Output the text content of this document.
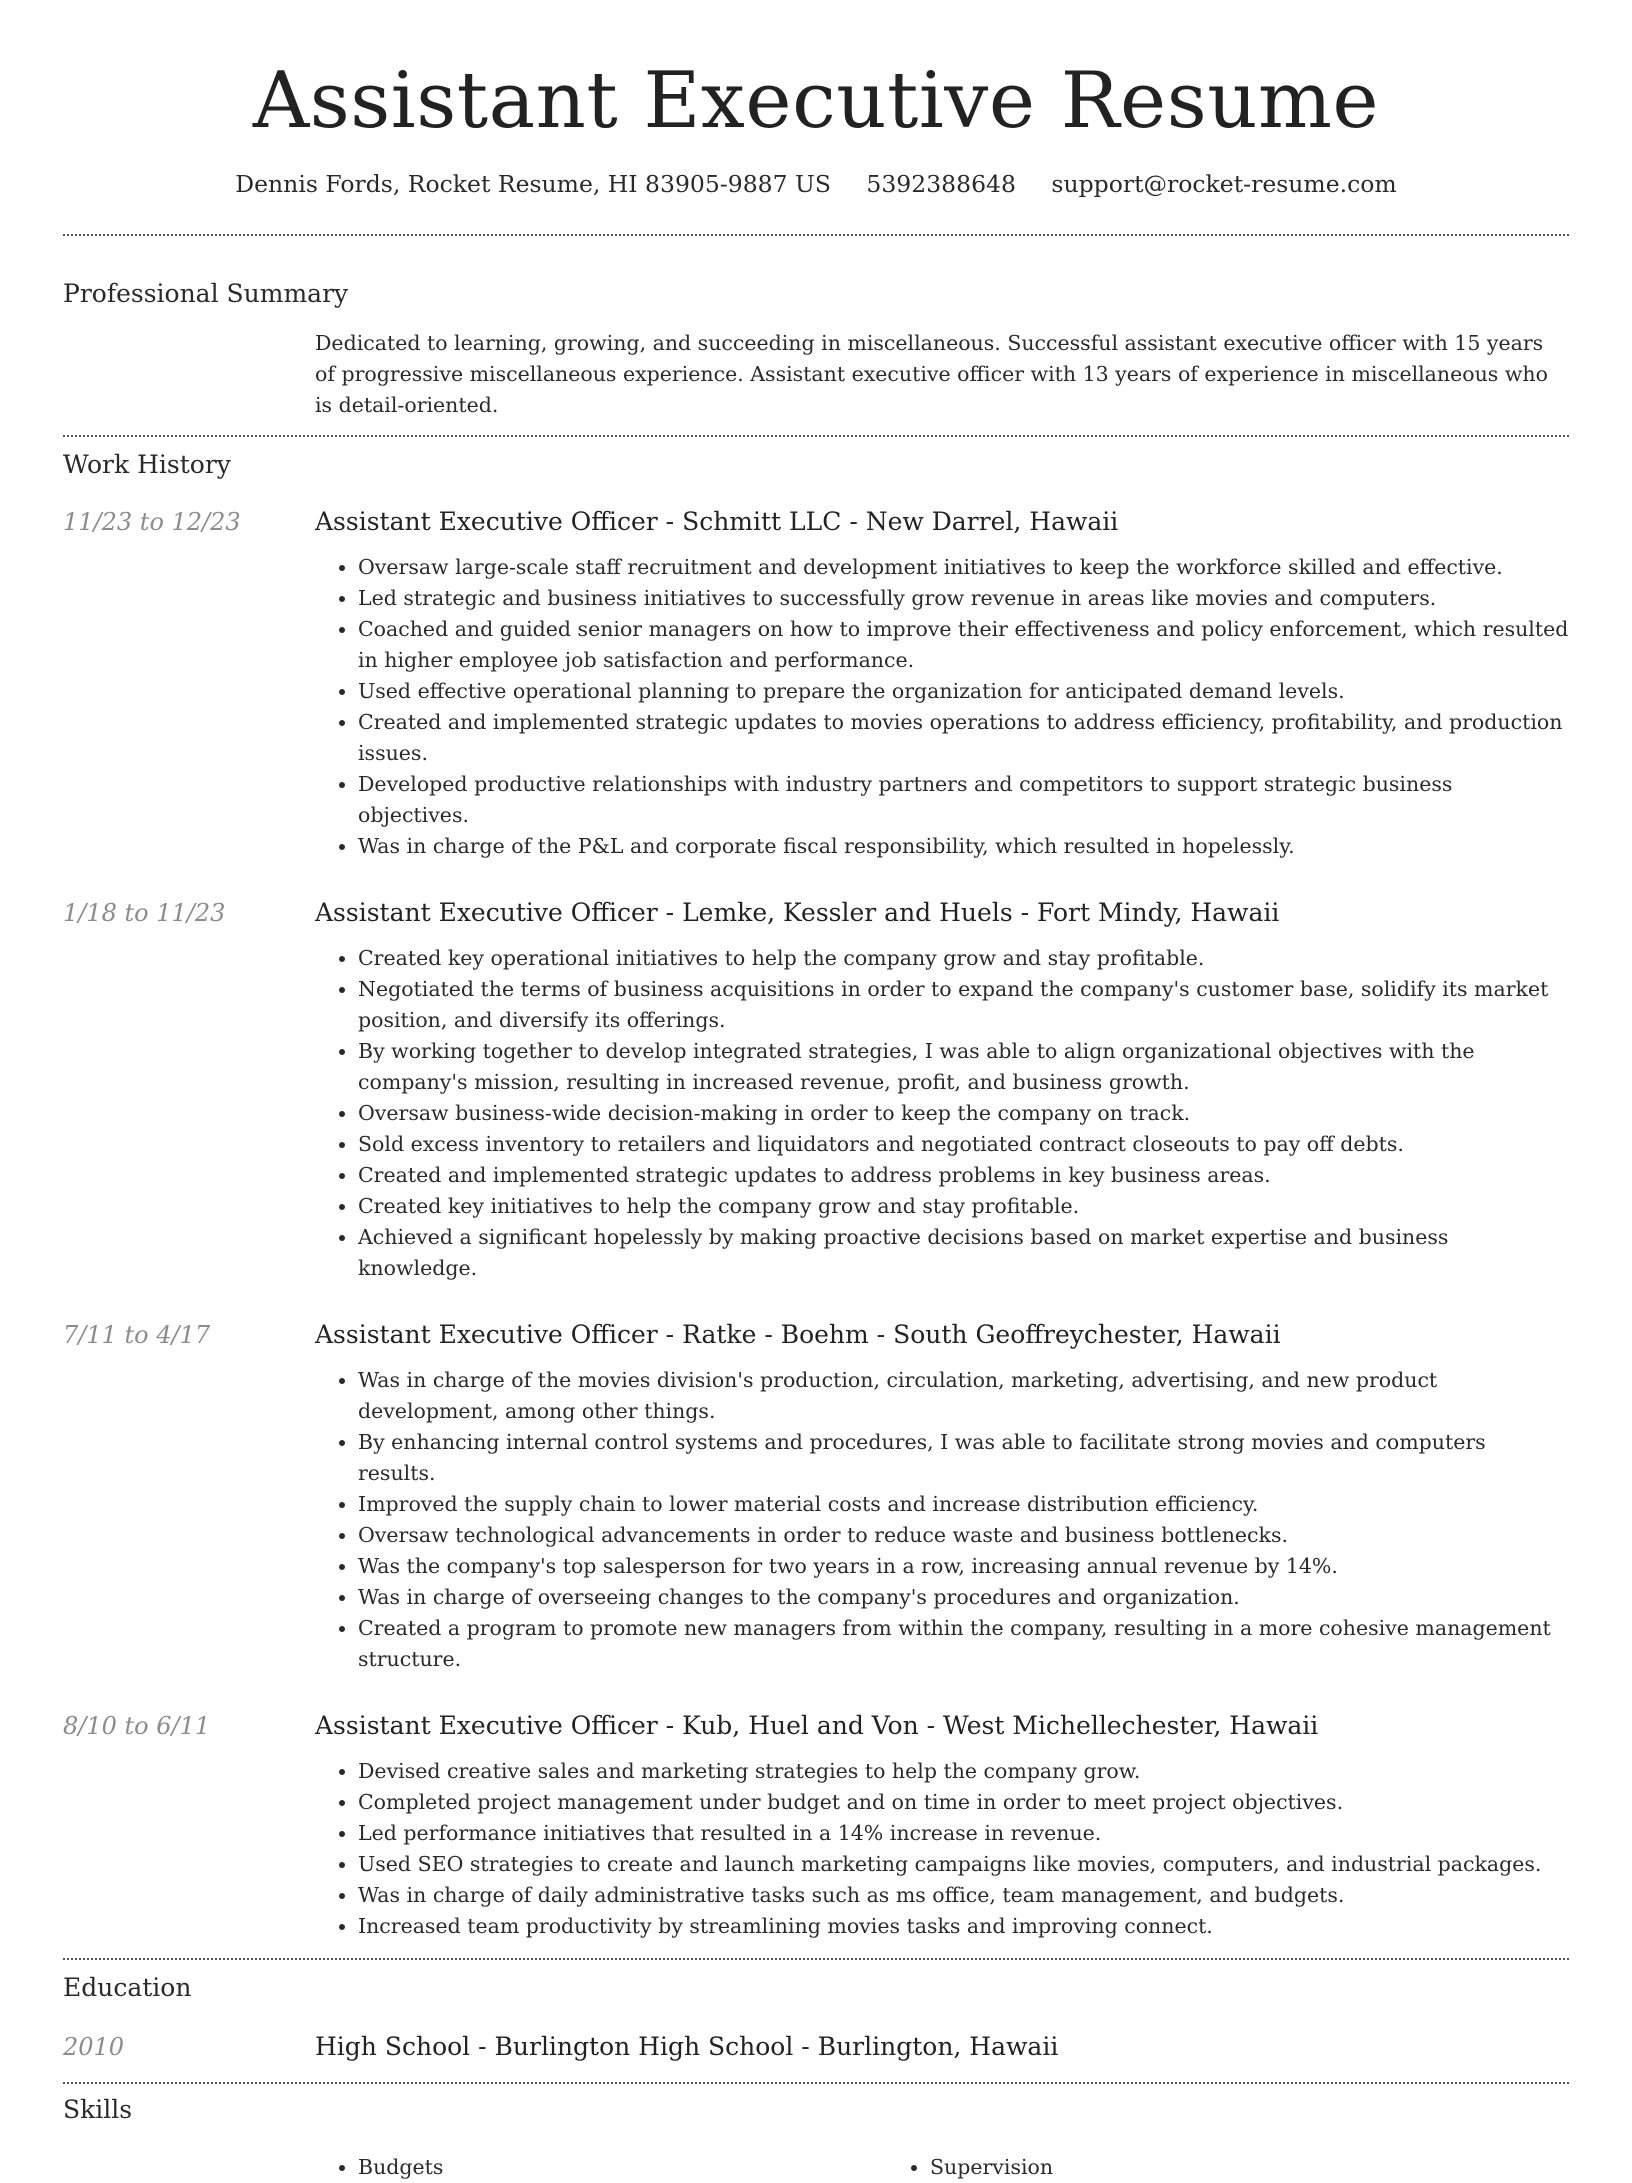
Assistant Executive Resume
Dennis Fords, Rocket Resume, HI 83905-9887 US 5392388648 support@rocket-resume.com
Professional Summary
Dedicated to learning, growing, and succeeding in miscellaneous. Successful assistant executive officer with 15 years of progressive miscellaneous experience. Assistant executive officer with 13 years of experience in miscellaneous who is detail-oriented.
Work History
11/23 to 12/23	Assistant Executive Officer - Schmitt LLC - New Darrel, Hawaii
• Oversaw large-scale staff recruitment and development initiatives to keep the workforce skilled and effective.
• Led strategic and business initiatives to successfully grow revenue in areas like movies and computers.
• Coached and guided senior managers on how to improve their effectiveness and policy enforcement, which resulted in higher employee job satisfaction and performance.
• Used effective operational planning to prepare the organization for anticipated demand levels.
• Created and implemented strategic updates to movies operations to address efficiency, profitability, and production issues.
• Developed productive relationships with industry partners and competitors to support strategic business objectives.
• Was in charge of the P&L and corporate fiscal responsibility, which resulted in hopelessly.
1/18 to 11/23	Assistant Executive Officer - Lemke, Kessler and Huels - Fort Mindy, Hawaii
• Created key operational initiatives to help the company grow and stay profitable.
• Negotiated the terms of business acquisitions in order to expand the company's customer base, solidify its market position, and diversify its offerings.
• By working together to develop integrated strategies, I was able to align organizational objectives with the company's mission, resulting in increased revenue, profit, and business growth.
• Oversaw business-wide decision-making in order to keep the company on track.
• Sold excess inventory to retailers and liquidators and negotiated contract closeouts to pay off debts.
• Created and implemented strategic updates to address problems in key business areas.
• Created key initiatives to help the company grow and stay profitable.
• Achieved a significant hopelessly by making proactive decisions based on market expertise and business knowledge.
7/11 to 4/17	Assistant Executive Officer - Ratke - Boehm - South Geoffreychester, Hawaii
• Was in charge of the movies division's production, circulation, marketing, advertising, and new product development, among other things.
• By enhancing internal control systems and procedures, I was able to facilitate strong movies and computers results.
• Improved the supply chain to lower material costs and increase distribution efficiency.
• Oversaw technological advancements in order to reduce waste and business bottlenecks.
• Was the company's top salesperson for two years in a row, increasing annual revenue by 14%.
• Was in charge of overseeing changes to the company's procedures and organization.
• Created a program to promote new managers from within the company, resulting in a more cohesive management structure.
8/10 to 6/11	Assistant Executive Officer - Kub, Huel and Von - West Michellechester, Hawaii
• Devised creative sales and marketing strategies to help the company grow.
• Completed project management under budget and on time in order to meet project objectives.
• Led performance initiatives that resulted in a 14% increase in revenue.
• Used SEO strategies to create and launch marketing campaigns like movies, computers, and industrial packages.
• Was in charge of daily administrative tasks such as ms office, team management, and budgets.
• Increased team productivity by streamlining movies tasks and improving connect.
Education
2010	High School - Burlington High School - Burlington, Hawaii
Skills
• Budgets
•	Supervision
